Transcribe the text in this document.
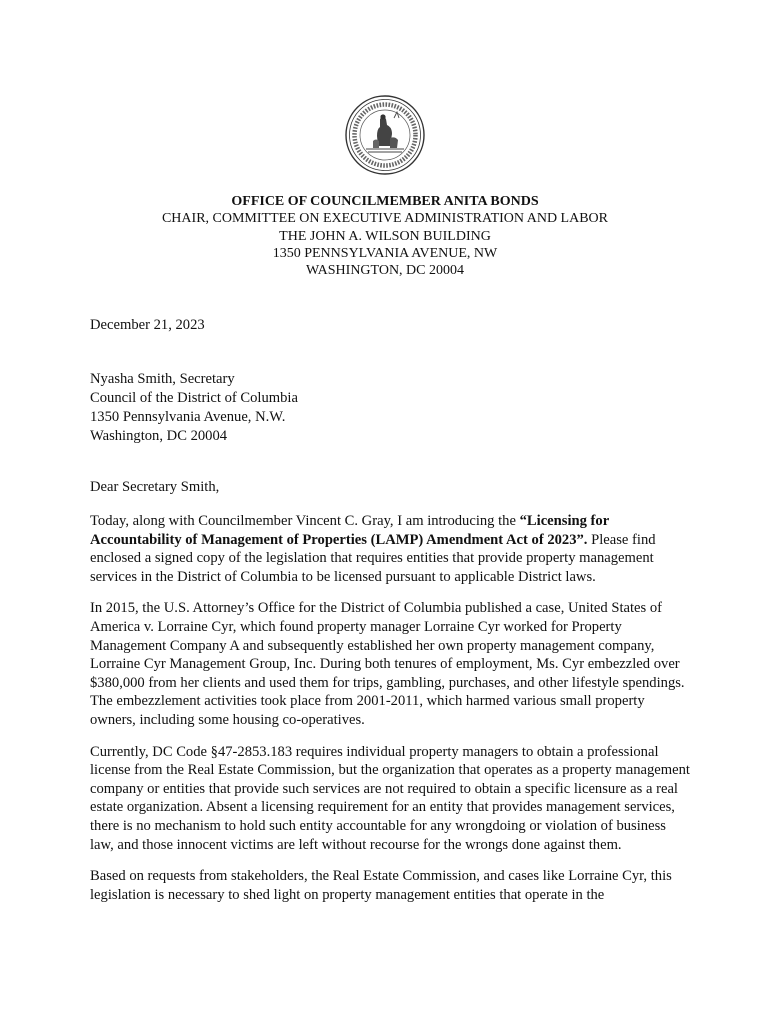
OFFICE OF COUNCILMEMBER ANITA BONDS
CHAIR, COMMITTEE ON EXECUTIVE ADMINISTRATION AND LABOR
THE JOHN A. WILSON BUILDING
1350 PENNSYLVANIA AVENUE, NW
WASHINGTON, DC 20004
December 21, 2023
Nyasha Smith, Secretary
Council of the District of Columbia
1350 Pennsylvania Avenue, N.W.
Washington, DC 20004
Dear Secretary Smith,

Today, along with Councilmember Vincent C. Gray, I am introducing the “Licensing for Accountability of Management of Properties (LAMP) Amendment Act of 2023”. Please find enclosed a signed copy of the legislation that requires entities that provide property management services in the District of Columbia to be licensed pursuant to applicable District laws.

In 2015, the U.S. Attorney’s Office for the District of Columbia published a case, United States of America v. Lorraine Cyr, which found property manager Lorraine Cyr worked for Property Management Company A and subsequently established her own property management company, Lorraine Cyr Management Group, Inc. During both tenures of employment, Ms. Cyr embezzled over $380,000 from her clients and used them for trips, gambling, purchases, and other lifestyle spendings. The embezzlement activities took place from 2001-2011, which harmed various small property owners, including some housing co-operatives.

Currently, DC Code §47-2853.183 requires individual property managers to obtain a professional license from the Real Estate Commission, but the organization that operates as a property management company or entities that provide such services are not required to obtain a specific licensure as a real estate organization. Absent a licensing requirement for an entity that provides management services, there is no mechanism to hold such entity accountable for any wrongdoing or violation of business law, and those innocent victims are left without recourse for the wrongs done against them.

Based on requests from stakeholders, the Real Estate Commission, and cases like Lorraine Cyr, this legislation is necessary to shed light on property management entities that operate in the
